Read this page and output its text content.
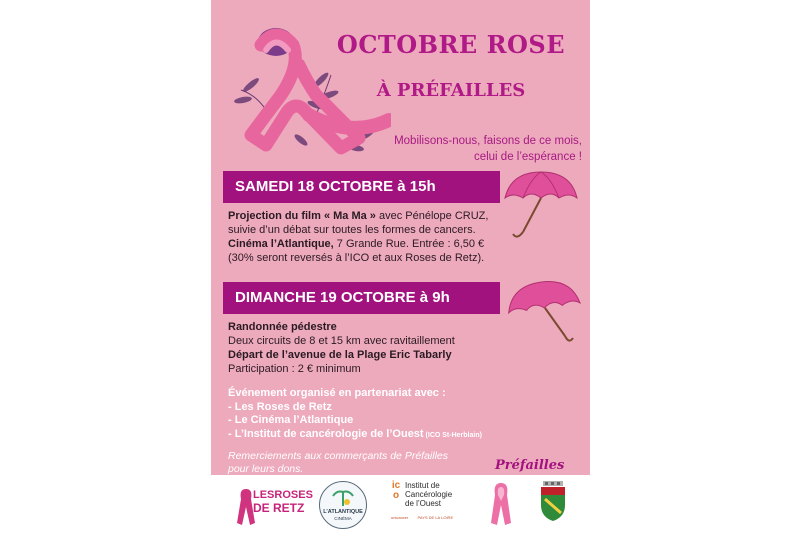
OCTOBRE ROSE
À PRÉFAILLES
Mobilisons-nous, faisons de ce mois,
celui de l’espérance !
SAMEDI 18 OCTOBRE à 15h
Projection du film « Ma Ma » avec Pénélope CRUZ,
suivie d’un débat sur toutes les formes de cancers.
Cinéma l’Atlantique, 7 Grande Rue. Entrée : 6,50 €
(30% seront reversés à l’ICO et aux Roses de Retz).
DIMANCHE 19 OCTOBRE à 9h
Randonnée pédestre
Deux circuits de 8 et 15 km avec ravitaillement
Départ de l’avenue de la Plage Eric Tabarly
Participation : 2 € minimum
Événement organisé en partenariat avec :
- Les Roses de Retz
- Le Cinéma l’Atlantique
- L’Institut de cancérologie de l’Ouest (ICO St-Herblain)
Remerciements aux commerçants de Préfailles
pour leurs dons.	Préfailles
LESROSES
DE RETZ	L’ATLANTIQUE
CINÉMA
ico
Institut de
Cancérologie
de l’Ouest
unicancer PAYS DE LA LOIRE
